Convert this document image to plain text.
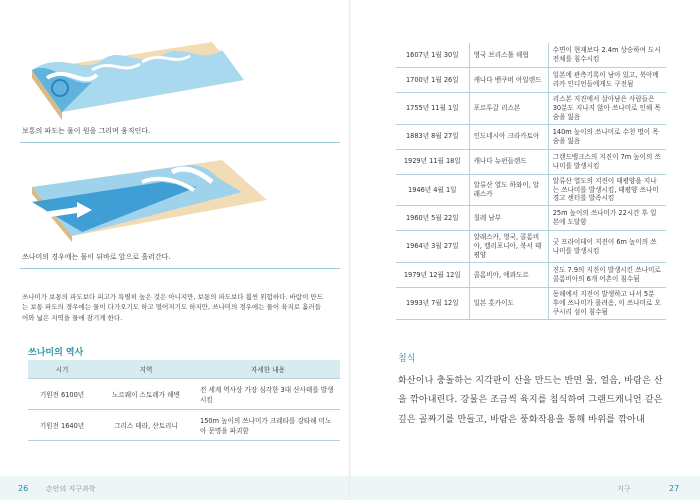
보통의 파도는 물이 원을 그리며 움직인다.
쓰나미의 경우에는 물이 뒤바로 앞으로 흘러간다.
쓰나미가 보통의 파도보다 피고가 특별히 높은 것은 아니지만, 보통의 파도보다 훨씬 위험하다. 바람이 만드는 보통 파도의 경우에는 물이 다가오기도 하고 멀어지기도 하지만, 쓰나미의 경우에는 물이 육지로 흘러들어와 넓은 지역을 물에 잠기게 한다.
쓰나미의 역사
시기	지역	자세한 내용
기원전 6100년	노르웨이 스토레가 해변	전 세계 역사상 가장 심각한 3대 산사태를 발생시킴
기원전 1640년	그리스 테라, 산토리니	150m 높이의 쓰나미가 크레타를 강타해 미노아 문명을 파괴함
1607년 1월 30일	영국 브리스톨 해협	수면이 현재보다 2.4m 상승하여 도시 전체를 침수시킴
1700년 1월 26일	캐나다 밴쿠버 아일랜드	일본에 관측기록이 남아 있고, 북아메리카 인디언들에게도 구전됨
1755년 11월 1일	포르투갈 리스본	리스본 지진에서 살아남은 사람들은 30분도 지나지 않아 쓰나미로 인해 목숨을 잃음
1883년 8월 27일	인도네시아 크라카토아	140m 높이의 쓰나미로 수천 명이 목숨을 잃음
1929년 11월 18일	캐나다 뉴펀들랜드	그랜드뱅크스의 지진이 7m 높이의 쓰나미를 발생시킴
1946년 4월 1일	알류산 열도 하와이, 알래스카	알류산 열도의 지진이 태평양을 지나는 쓰나미를 발생시킴, 태평양 쓰나미 경고 센터를 발족시킴
1960년 5월 22일	칠레 남부	25m 높이의 쓰나미가 22시간 후 일본에 도달함
1964년 3월 27일	알래스카, 영국, 콜롬비아, 캘리포니아, 북서 태평양	굿 프라이데이 지진이 6m 높이의 쓰나미를 발생시킴
1979년 12월 12일	콜롬비아, 에콰도르	진도 7.9의 지진이 발생시킨 쓰나미로 콜롬비아의 6개 어촌이 침수됨
1993년 7월 12일	일본 홋카이도	동해에서 지진이 발생하고 나서 5분 후에 쓰나미가 몰려옴, 이 쓰나미로 오쿠시리 섬이 침수됨
침식
화산이나 충돌하는 지각판이 산을 만드는 반면 물, 얼음, 바람은 산을 깎아내린다. 강물은 조금씩 육지를 침식하여 그랜드캐니언 같은 깊은 골짜기를 만들고, 바람은 풍화작용을 통해 바위를 깎아내
26	손안의 지구과학	지구	27
